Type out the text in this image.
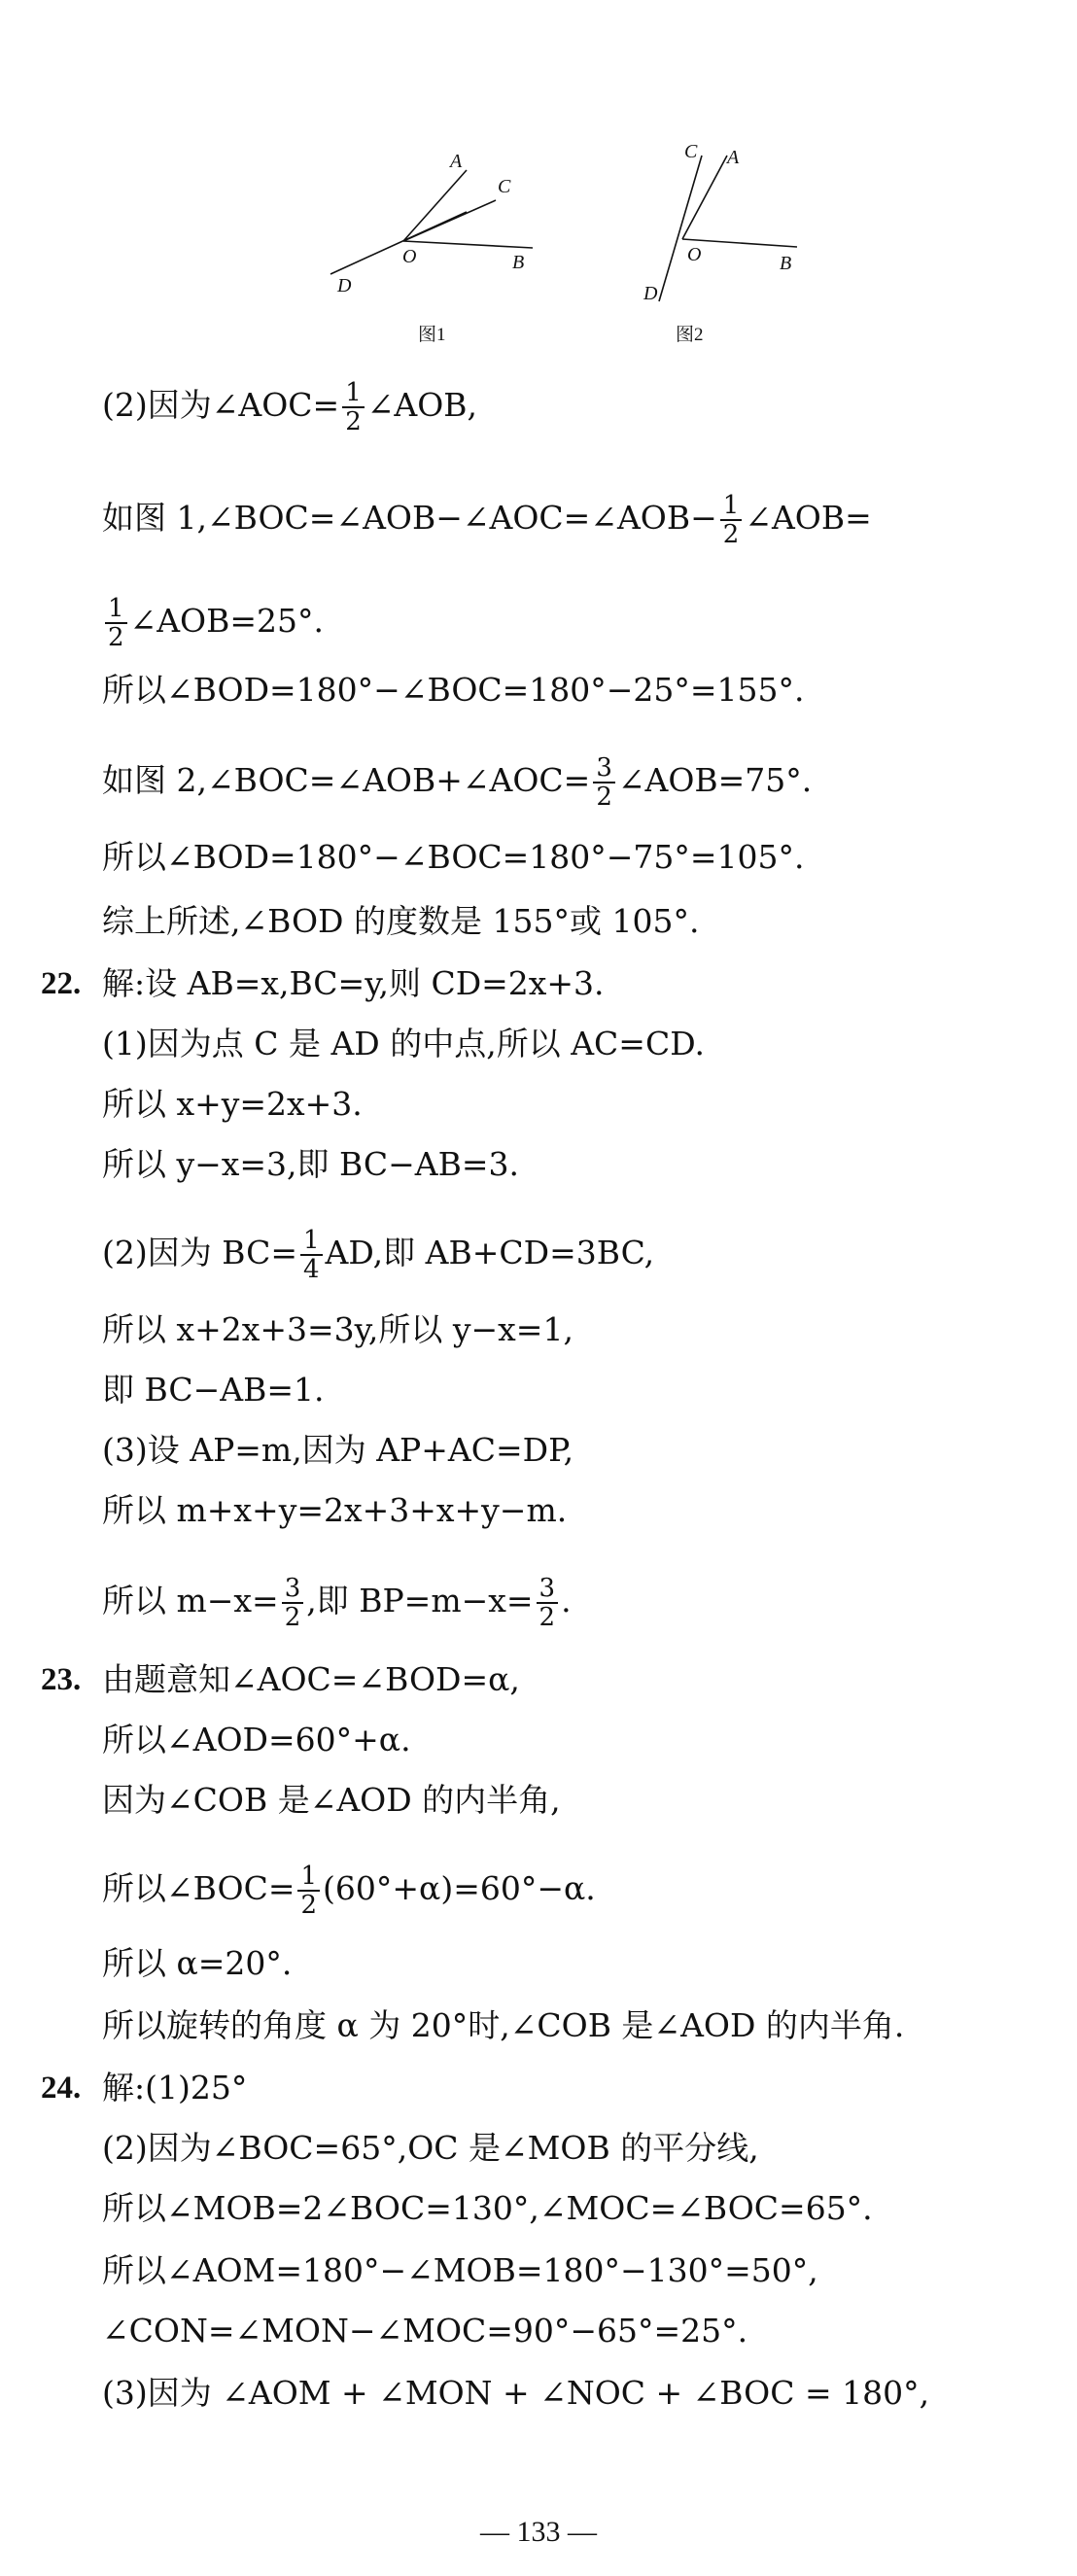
A
C
O	B
D
图1
C A
O	B
D
图2
(2)因为∠AOC= $\frac{1}{2}$ ∠AOB,
如图 1,∠BOC=∠AOB−∠AOC=∠AOB− $\frac{1}{2}$ ∠AOB=
$\frac{1}{2}$ ∠AOB=25°.
所以∠BOD=180°−∠BOC=180°−25°=155°.
如图 2,∠BOC=∠AOB+∠AOC= $\frac{3}{2}$ ∠AOB=75°.
所以∠BOD=180°−∠BOC=180°−75°=105°.
综上所述,∠BOD 的度数是 155°或 105°.
22. 解:设 AB=x,BC=y,则 CD=2x+3.
(1)因为点 C 是 AD 的中点,所以 AC=CD.
所以 x+y=2x+3.
所以 y−x=3,即 BC−AB=3.
(2)因为 $BC= \frac{1}{4}$ AD,即 AB+CD=3BC,
所以 x+2x+3=3y,所以 y−x=1,
即 BC−AB=1.
(3)设 AP=m,因为 AP+AC=DP,
所以 m+x+y=2x+3+x+y−m.
所以 $m-x= \frac{3}{2}$ ,即 $BP=m-x= \frac{3}{2}$ .
23. 由题意知∠AOC=∠BOD=α,
所以∠AOD=60°+α.
因为∠COB 是∠AOD 的内半角,
所以∠BOC= $\frac{1}{2} (60^\circ+\alpha)=60^\circ-\alpha$.
所以 α=20°.
所以旋转的角度 α 为 20°时,∠COB 是∠AOD 的内半角.
24. 解:(1)25°
(2)因为∠BOC=65°,OC 是∠MOB 的平分线,
所以∠MOB=2∠BOC=130°,∠MOC=∠BOC=65°.
所以∠AOM=180°−∠MOB=180°−130°=50°,
∠CON=∠MON−∠MOC=90°−65°=25°.
(3)因为 ∠AOM + ∠MON + ∠NOC + ∠BOC = 180°,
— 133 —
